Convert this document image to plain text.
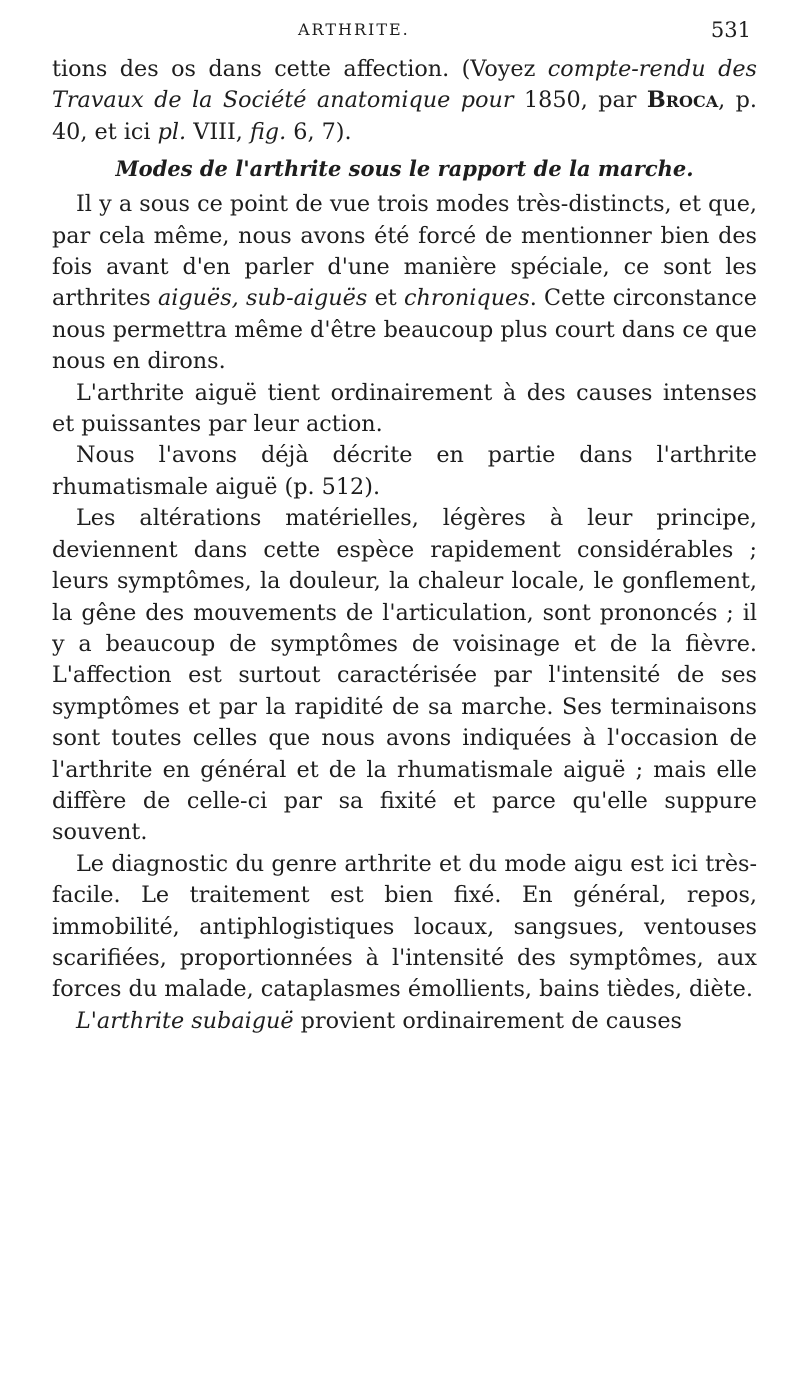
ARTHRITE.	531

tions des os dans cette affection. (Voyez compte-rendu des Travaux de la Société anatomique pour 1850, par Broca, p. 40, et ici pl. VIII, fig. 6, 7).

Modes de l'arthrite sous le rapport de la marche.

Il y a sous ce point de vue trois modes très-distincts, et que, par cela même, nous avons été forcé de mentionner bien des fois avant d'en parler d'une manière spéciale, ce sont les arthrites aiguës, sub-aiguës et chroniques. Cette circonstance nous permettra même d'être beaucoup plus court dans ce que nous en dirons.

L'arthrite aiguë tient ordinairement à des causes intenses et puissantes par leur action.

Nous l'avons déjà décrite en partie dans l'arthrite rhumatismale aiguë (p. 512).

Les altérations matérielles, légères à leur principe, deviennent dans cette espèce rapidement considérables ; leurs symptômes, la douleur, la chaleur locale, le gonflement, la gêne des mouvements de l'articulation, sont prononcés ; il y a beaucoup de symptômes de voisinage et de la fièvre. L'affection est surtout caractérisée par l'intensité de ses symptômes et par la rapidité de sa marche. Ses terminaisons sont toutes celles que nous avons indiquées à l'occasion de l'arthrite en général et de la rhumatismale aiguë ; mais elle diffère de celle-ci par sa fixité et parce qu'elle suppure souvent.

Le diagnostic du genre arthrite et du mode aigu est ici très-facile. Le traitement est bien fixé. En général, repos, immobilité, antiphlogistiques locaux, sangsues, ventouses scarifiées, proportionnées à l'intensité des symptômes, aux forces du malade, cataplasmes émollients, bains tièdes, diète.

L'arthrite subaiguë provient ordinairement de causes
